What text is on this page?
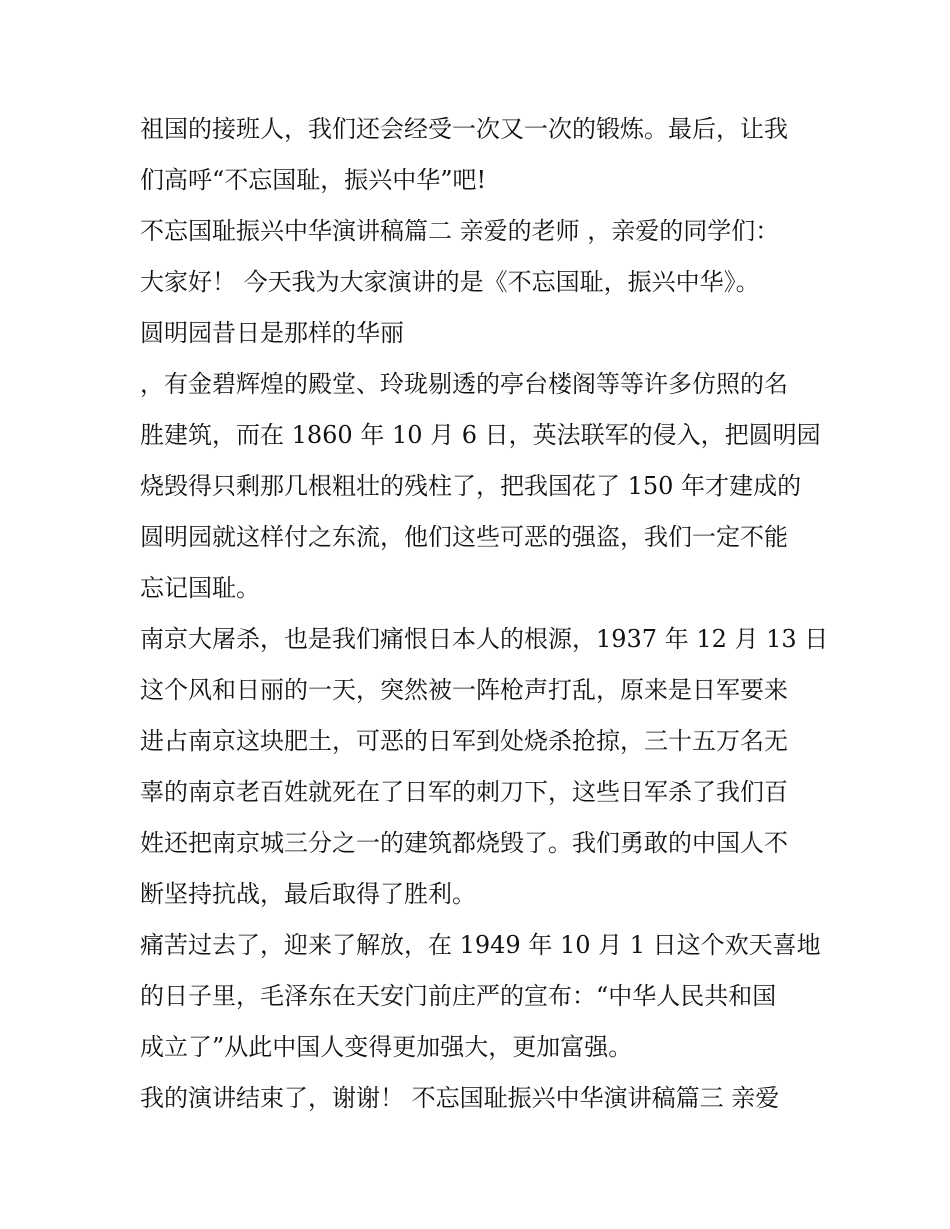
祖国的接班人，我们还会经受一次又一次的锻炼。最后，让我
们高呼“不忘国耻，振兴中华”吧!
不忘国耻振兴中华演讲稿篇二 亲爱的老师 ，亲爱的同学们：
大家好！ 今天我为大家演讲的是《不忘国耻，振兴中华》。
圆明园昔日是那样的华丽
，有金碧辉煌的殿堂、玲珑剔透的亭台楼阁等等许多仿照的名
胜建筑，而在 1860 年 10 月 6 日，英法联军的侵入，把圆明园
烧毁得只剩那几根粗壮的残柱了，把我国花了 150 年才建成的
圆明园就这样付之东流，他们这些可恶的强盗，我们一定不能
忘记国耻。
南京大屠杀，也是我们痛恨日本人的根源，1937 年 12 月 13 日
这个风和日丽的一天，突然被一阵枪声打乱，原来是日军要来
进占南京这块肥土，可恶的日军到处烧杀抢掠，三十五万名无
辜的南京老百姓就死在了日军的刺刀下，这些日军杀了我们百
姓还把南京城三分之一的建筑都烧毁了。我们勇敢的中国人不
断坚持抗战，最后取得了胜利。
痛苦过去了，迎来了解放，在 1949 年 10 月 1 日这个欢天喜地
的日子里，毛泽东在天安门前庄严的宣布：“中华人民共和国
成立了”从此中国人变得更加强大，更加富强。
我的演讲结束了，谢谢！ 不忘国耻振兴中华演讲稿篇三 亲爱
